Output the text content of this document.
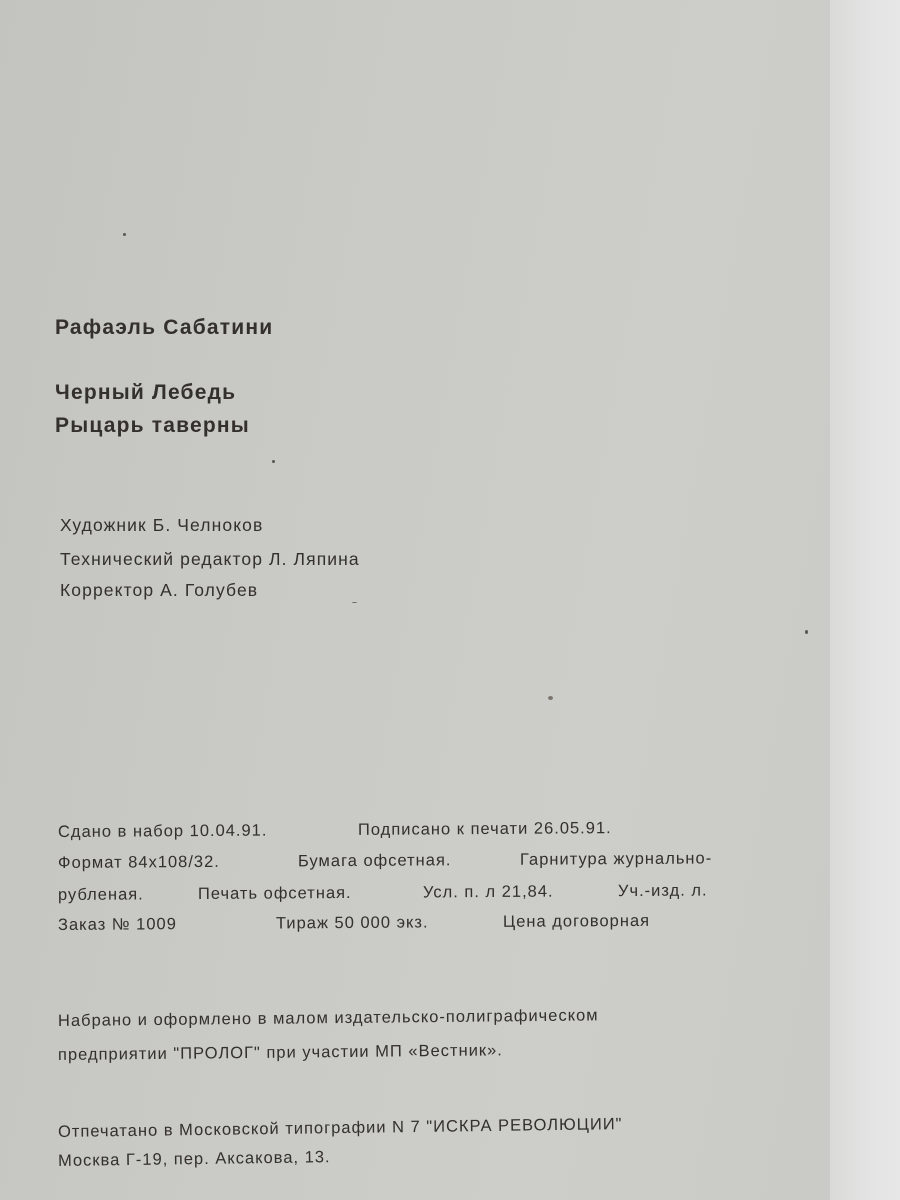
Рафаэль Сабатини

Черный Лебедь

Рыцарь таверны

Художник Б. Челноков

Технический редактор Л. Ляпина

Корректор А. Голубев

Сдано в набор 10.04.91.	Подписано к печати 26.05.91.
Формат 84x108/32.	Бумага офсетная.	Гарнитура журнально-
рубленая.	Печать офсетная.	Усл. п. л 21,84.	Уч.-изд. л.
Заказ № 1009	Тираж 50 000 экз.	Цена договорная

Набрано и оформлено в малом издательско-полиграфическом

предприятии "ПРОЛОГ" при участии МП «Вестник».

Отпечатано в Московской типографии N 7 "ИСКРА РЕВОЛЮЦИИ"

Москва Г-19, пер. Аксакова, 13.
